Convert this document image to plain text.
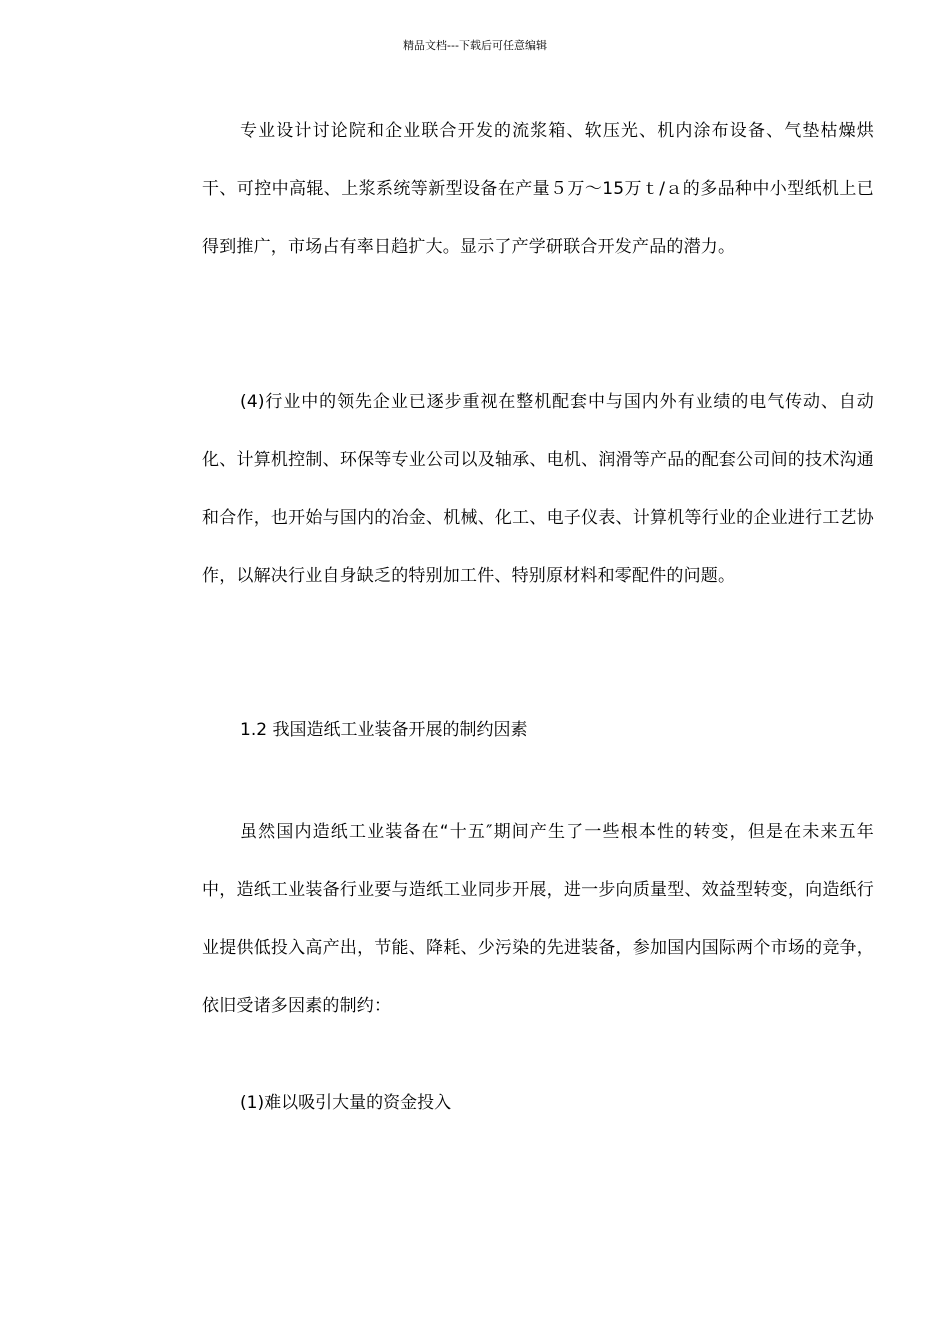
精品文档---下载后可任意编辑

专业设计讨论院和企业联合开发的流浆箱、软压光、机内涂布设备、气垫枯燥烘干、可控中高辊、上浆系统等新型设备在产量５万～15万ｔ/ａ的多品种中小型纸机上已得到推广，市场占有率日趋扩大。显示了产学研联合开发产品的潜力。

(4)行业中的领先企业已逐步重视在整机配套中与国内外有业绩的电气传动、自动化、计算机控制、环保等专业公司以及轴承、电机、润滑等产品的配套公司间的技术沟通和合作，也开始与国内的冶金、机械、化工、电子仪表、计算机等行业的企业进行工艺协作，以解决行业自身缺乏的特别加工件、特别原材料和零配件的问题。

1.2 我国造纸工业装备开展的制约因素

虽然国内造纸工业装备在“十五″期间产生了一些根本性的转变，但是在未来五年中，造纸工业装备行业要与造纸工业同步开展，进一步向质量型、效益型转变，向造纸行业提供低投入高产出，节能、降耗、少污染的先进装备，参加国内国际两个市场的竞争，依旧受诸多因素的制约：

(1)难以吸引大量的资金投入
